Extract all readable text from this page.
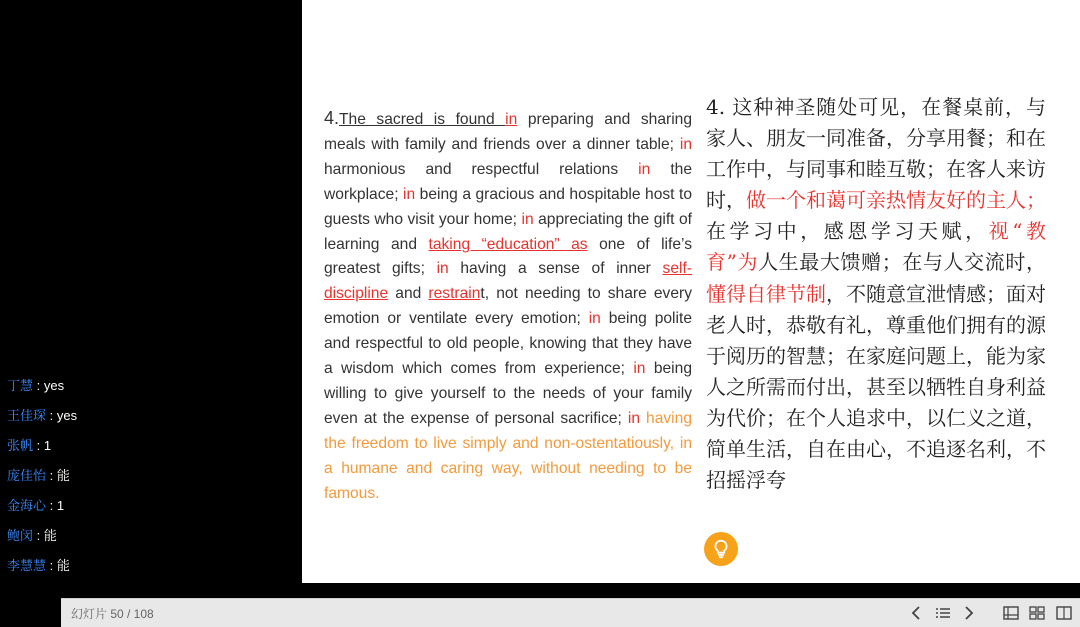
丁慧 : yes
王佳琛 : yes
张帆 : 1
庞佳怡 : 能
金海心 : 1
鲍闵 : 能
李慧慧 : 能
4.The sacred is found in preparing and sharing meals with family and friends over a dinner table; in harmonious and respectful relations in the workplace; in being a gracious and hospitable host to guests who visit your home; in appreciating the gift of learning and taking “education” as one of life’s greatest gifts; in having a sense of inner self-discipline and restraint, not needing to share every emotion or ventilate every emotion; in being polite and respectful to old people, knowing that they have a wisdom which comes from experience; in being willing to give yourself to the needs of your family even at the expense of personal sacrifice; in having the freedom to live simply and non-ostentatiously, in a humane and caring way, without needing to be famous.
4. 这种神圣随处可见，在餐桌前，与家人、朋友一同准备，分享用餐；和在工作中，与同事和睦互敬；在客人来访时，做一个和蔼可亲热情友好的主人；在学习中，感恩学习天赋，视“教育”为人生最大馈赠；在与人交流时，懂得自律节制，不随意宣泄情感；面对老人时，恭敬有礼，尊重他们拥有的源于阅历的智慧；在家庭问题上，能为家人之所需而付出，甚至以牺牲自身利益为代价；在个人追求中，以仁义之道，简单生活，自在由心，不追逐名利，不招摇浮夸
幻灯片 50 / 108
